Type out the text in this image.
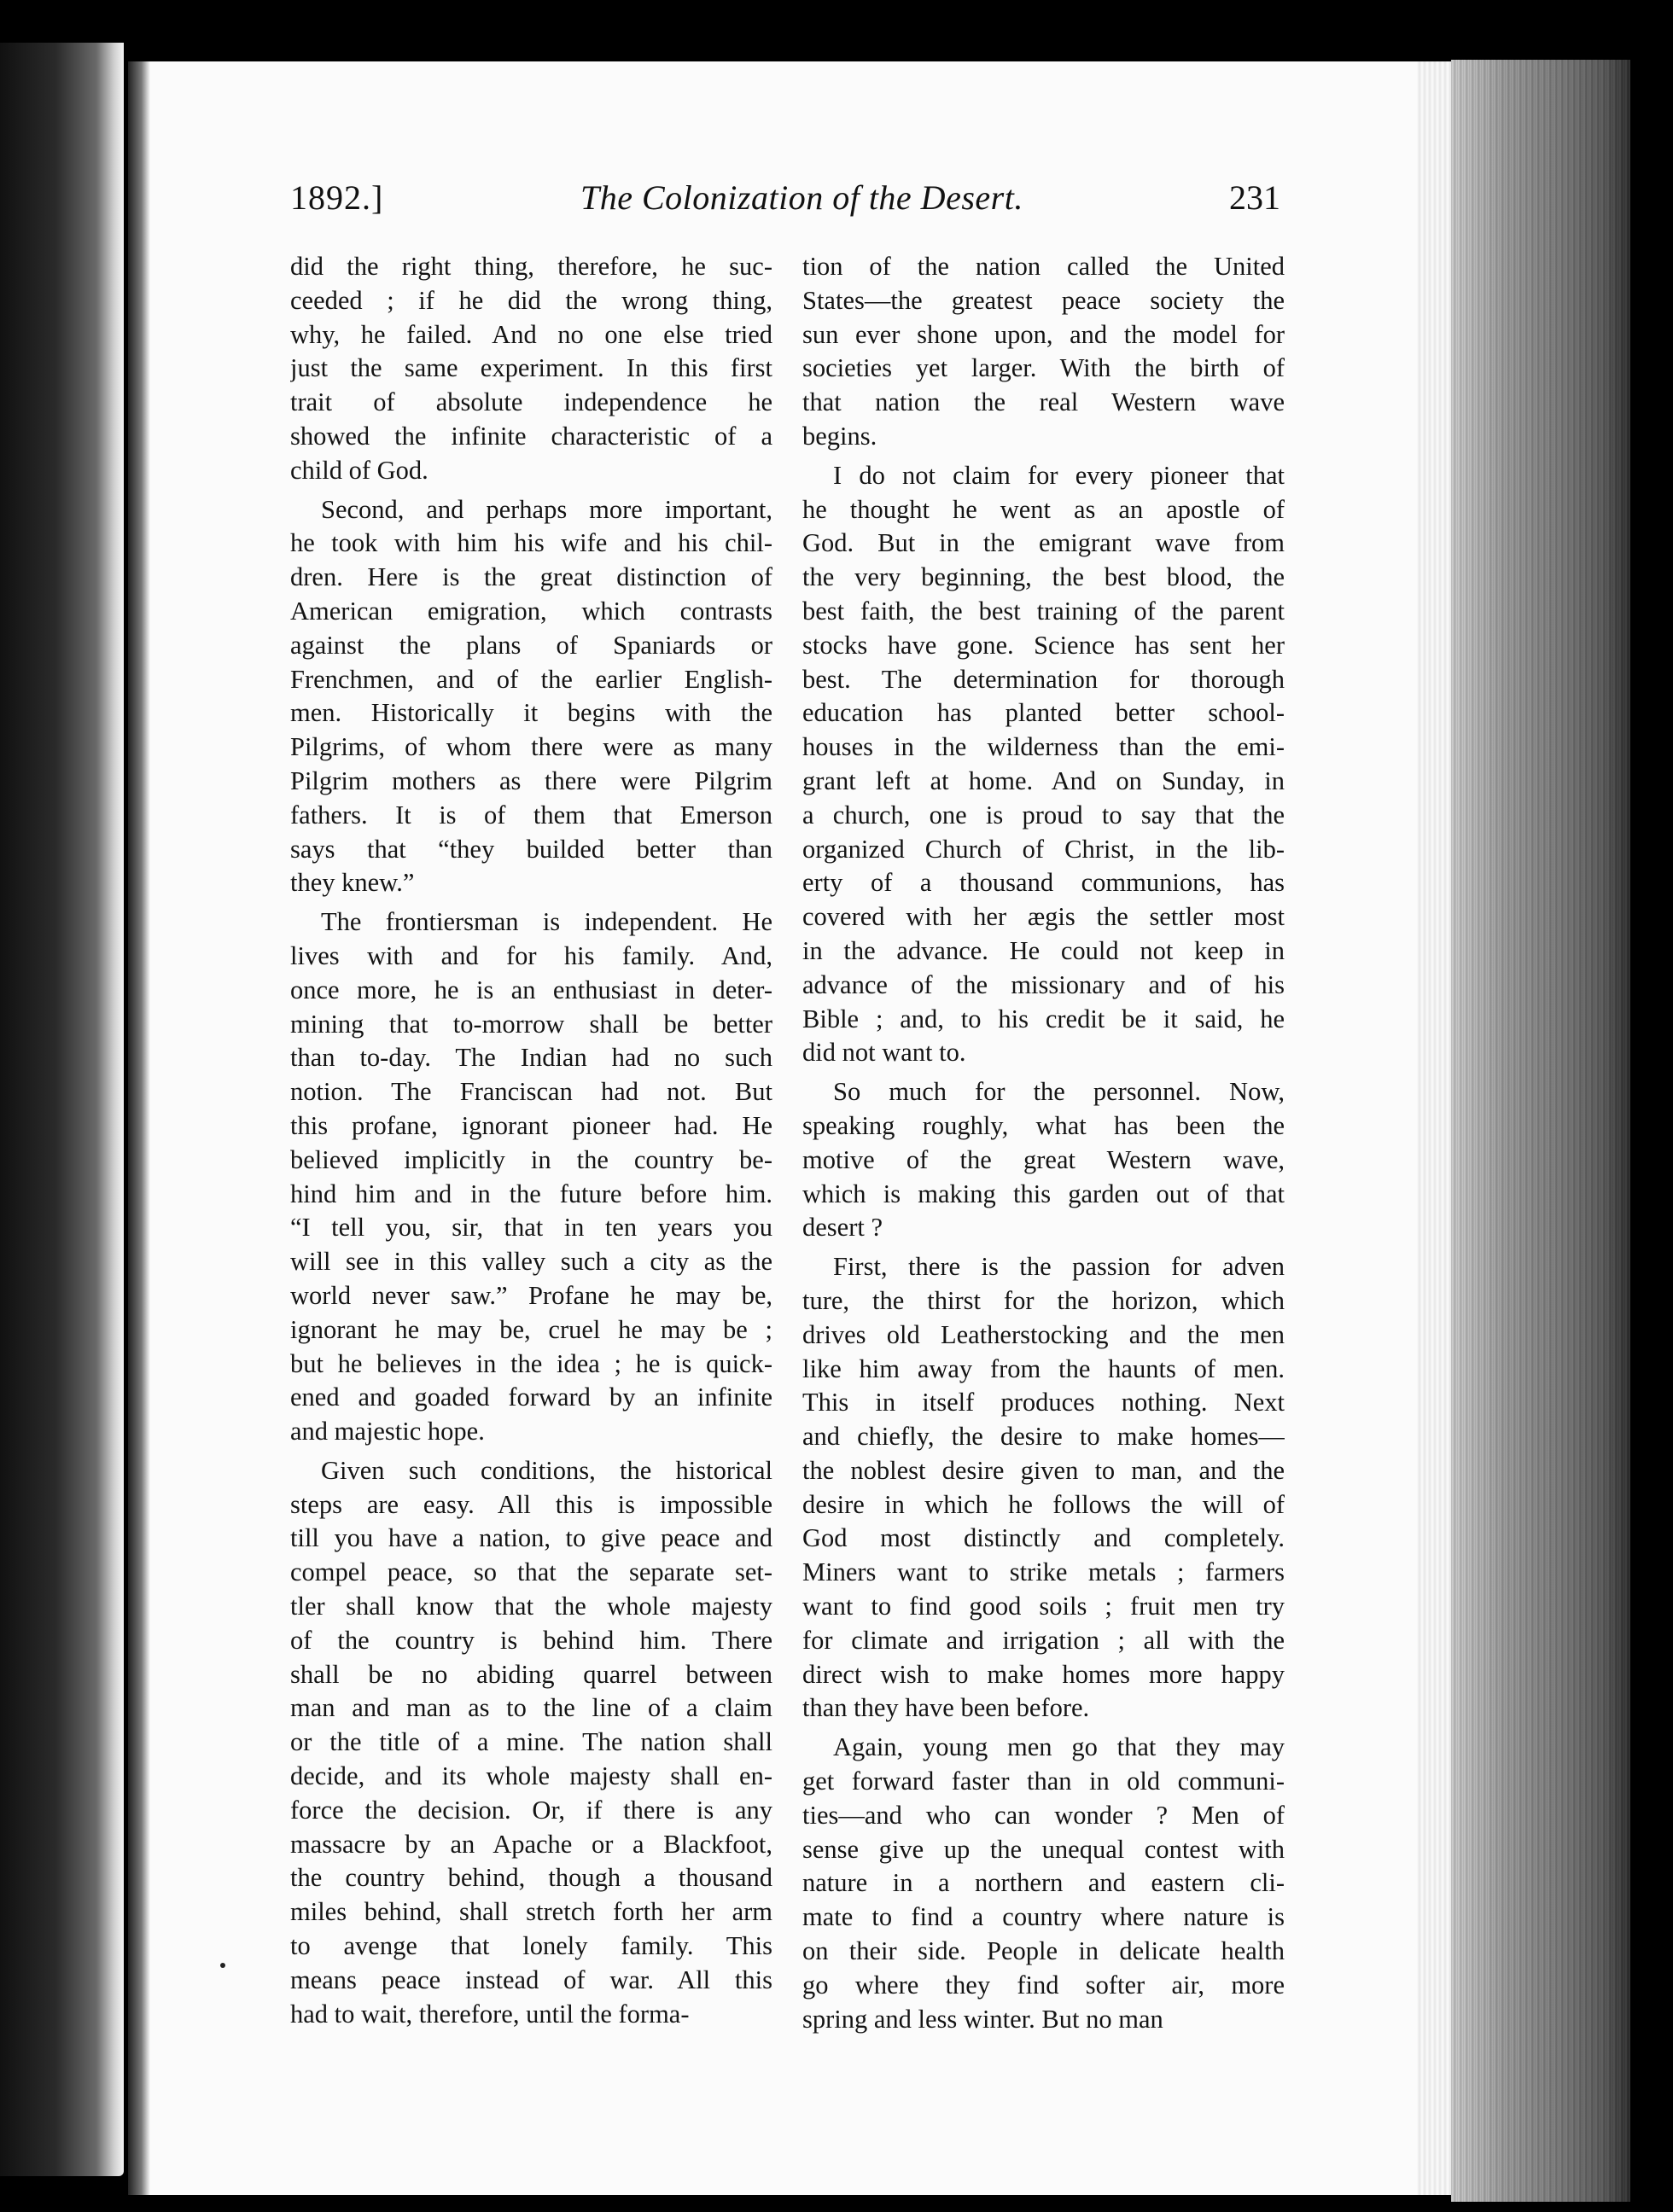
1892.]	The Colonization of the Desert.	231
did the right thing, therefore, he suc-
ceeded ; if he did the wrong thing,
why, he failed. And no one else tried
just the same experiment. In this first
trait of absolute independence he
showed the infinite characteristic of a
child of God.
Second, and perhaps more important,
he took with him his wife and his chil-
dren. Here is the great distinction of
American emigration, which contrasts
against the plans of Spaniards or
Frenchmen, and of the earlier English-
men. Historically it begins with the
Pilgrims, of whom there were as many
Pilgrim mothers as there were Pilgrim
fathers. It is of them that Emerson
says that “they builded better than
they knew.”
The frontiersman is independent. He
lives with and for his family. And,
once more, he is an enthusiast in deter-
mining that to-morrow shall be better
than to-day. The Indian had no such
notion. The Franciscan had not. But
this profane, ignorant pioneer had. He
believed implicitly in the country be-
hind him and in the future before him.
“I tell you, sir, that in ten years you
will see in this valley such a city as the
world never saw.” Profane he may be,
ignorant he may be, cruel he may be ;
but he believes in the idea ; he is quick-
ened and goaded forward by an infinite
and majestic hope.
Given such conditions, the historical
steps are easy. All this is impossible
till you have a nation, to give peace and
compel peace, so that the separate set-
tler shall know that the whole majesty
of the country is behind him. There
shall be no abiding quarrel between
man and man as to the line of a claim
or the title of a mine. The nation shall
decide, and its whole majesty shall en-
force the decision. Or, if there is any
massacre by an Apache or a Blackfoot,
the country behind, though a thousand
miles behind, shall stretch forth her arm
to avenge that lonely family. This
means peace instead of war. All this
had to wait, therefore, until the forma-
tion of the nation called the United
States—the greatest peace society the
sun ever shone upon, and the model for
societies yet larger. With the birth of
that nation the real Western wave
begins.
I do not claim for every pioneer that
he thought he went as an apostle of
God. But in the emigrant wave from
the very beginning, the best blood, the
best faith, the best training of the parent
stocks have gone. Science has sent her
best. The determination for thorough
education has planted better school-
houses in the wilderness than the emi-
grant left at home. And on Sunday, in
a church, one is proud to say that the
organized Church of Christ, in the lib-
erty of a thousand communions, has
covered with her ægis the settler most
in the advance. He could not keep in
advance of the missionary and of his
Bible ; and, to his credit be it said, he
did not want to.
So much for the personnel. Now,
speaking roughly, what has been the
motive of the great Western wave,
which is making this garden out of that
desert ?
First, there is the passion for adven
ture, the thirst for the horizon, which
drives old Leatherstocking and the men
like him away from the haunts of men.
This in itself produces nothing. Next
and chiefly, the desire to make homes—
the noblest desire given to man, and the
desire in which he follows the will of
God most distinctly and completely.
Miners want to strike metals ; farmers
want to find good soils ; fruit men try
for climate and irrigation ; all with the
direct wish to make homes more happy
than they have been before.
Again, young men go that they may
get forward faster than in old communi-
ties—and who can wonder ? Men of
sense give up the unequal contest with
nature in a northern and eastern cli-
mate to find a country where nature is
on their side. People in delicate health
go where they find softer air, more
spring and less winter. But no man
